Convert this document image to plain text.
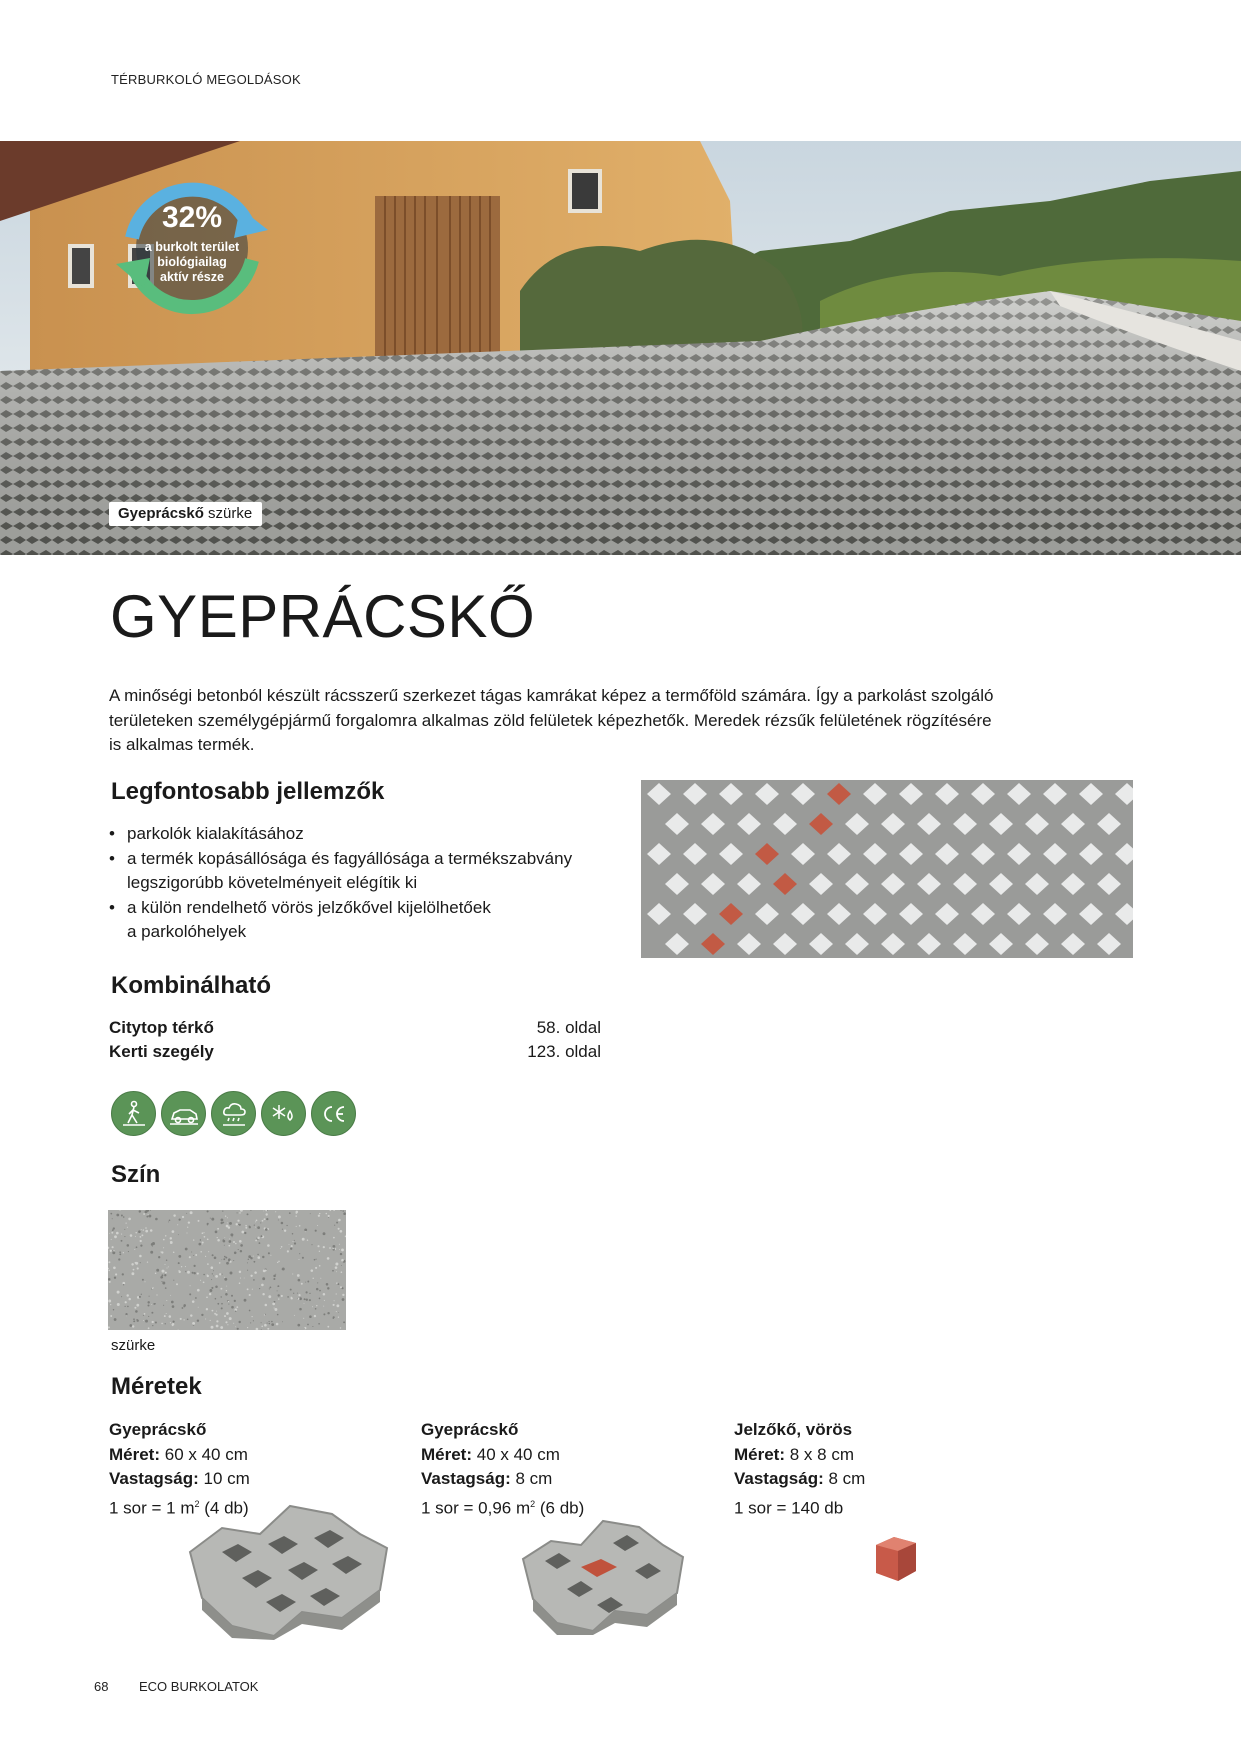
TÉRBURKOLÓ MEGOLDÁSOK
32%
a burkolt terület
biológiailag
aktív része
Gyeprácskő szürke
GYEPRÁCSKŐ
A minőségi betonból készült rácsszerű szerkezet tágas kamrákat képez a termőföld számára. Így a parkolást szolgáló
területeken személygépjármű forgalomra alkalmas zöld felületek képezhetők. Meredek rézsűk felületének rögzítésére
is alkalmas termék.
Legfontosabb jellemzők
• parkolók kialakításához
• a termék kopásállósága és fagyállósága a termékszabvány
legszigorúbb követelményeit elégítik ki
• a külön rendelhető vörös jelzőkővel kijelölhetőek
a parkolóhelyek
Kombinálható
Citytop térkő	58. oldal
Kerti szegély	123. oldal
Szín
szürke
Méretek
Gyeprácskő
Méret: 60 x 40 cm
Vastagság: 10 cm
1 sor = 1 $m^2$ (4 db)
Gyeprácskő
Méret: 40 x 40 cm
Vastagság: 8 cm
1 sor = 0,96 $m^2$ (6 db)
Jelzőkő, vörös
Méret: 8 x 8 cm
Vastagság: 8 cm
1 sor = 140 db
68 ECO BURKOLATOK
